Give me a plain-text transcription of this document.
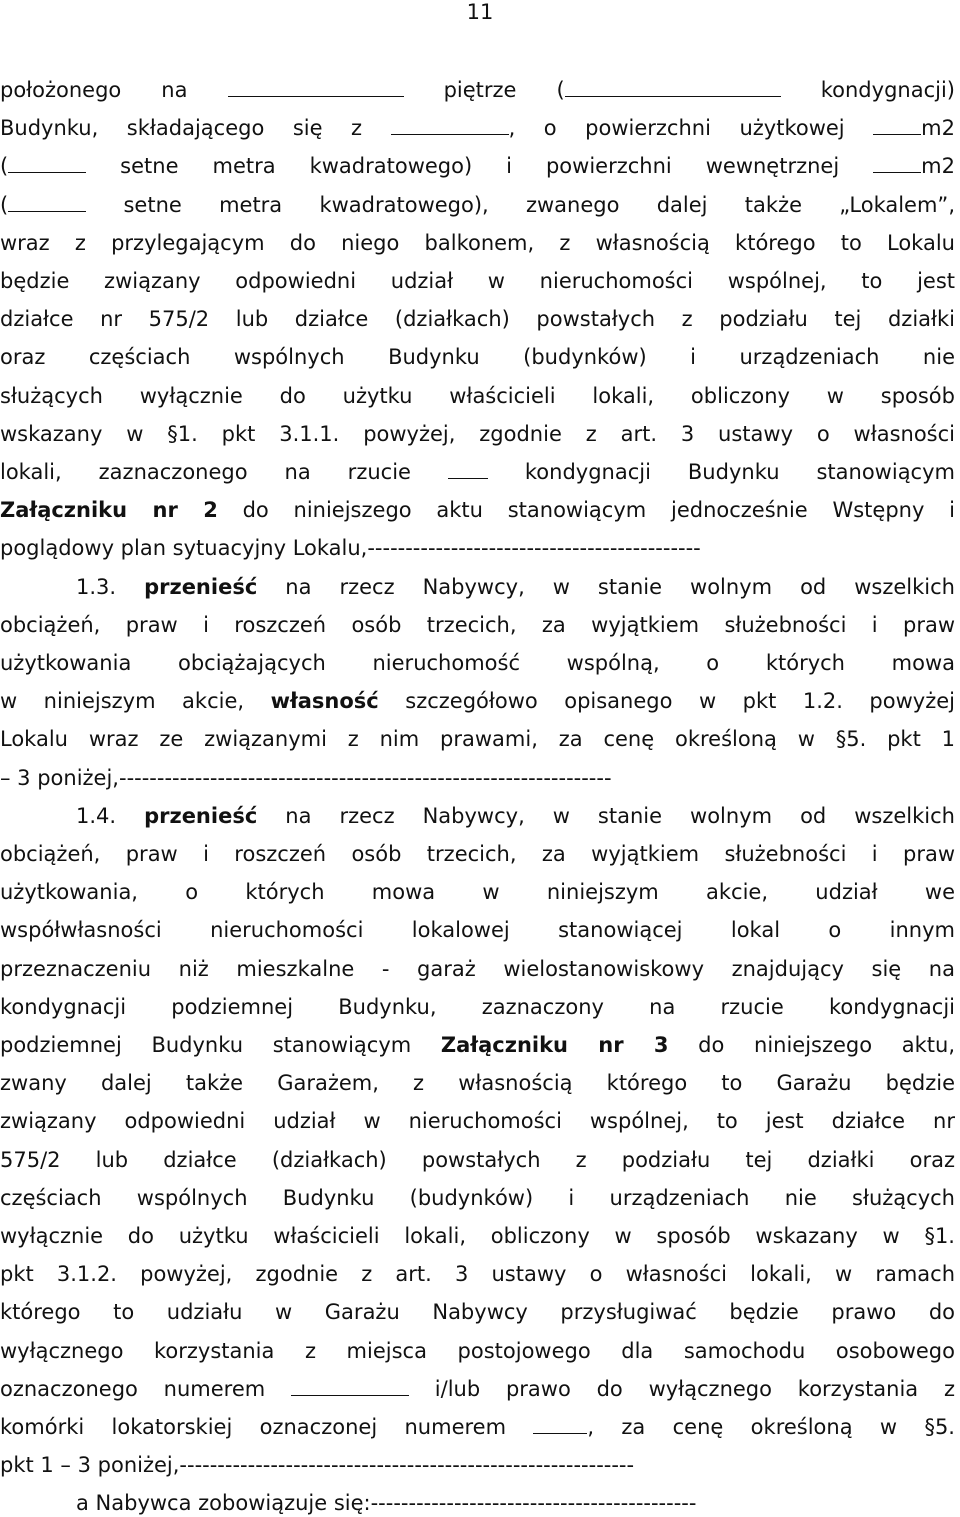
11
położonego na	piętrze (	kondygnacji)
Budynku, składającego się z	, o powierzchni użytkowej m2
(	setne metra kwadratowego) i powierzchni wewnętrznej m2
(	setne metra kwadratowego), zwanego dalej także „Lokalem”,
wraz z przylegającym do niego balkonem, z własnością którego to Lokalu
będzie związany odpowiedni udział w nieruchomości wspólnej, to jest
działce nr 575/2 lub działce (działkach) powstałych z podziału tej działki
oraz częściach wspólnych Budynku (budynków) i urządzeniach nie
służących wyłącznie do użytku właścicieli lokali, obliczony w sposób
wskazany w §1. pkt 3.1.1. powyżej, zgodnie z art. 3 ustawy o własności
lokali, zaznaczonego na rzucie  kondygnacji Budynku stanowiącym
Załączniku nr 2 do niniejszego aktu stanowiącym jednocześnie Wstępny i
poglądowy plan sytuacyjny Lokalu,--------------------------------------------
1.3. przenieść na rzecz Nabywcy, w stanie wolnym od wszelkich
obciążeń, praw i roszczeń osób trzecich, za wyjątkiem służebności i praw
użytkowania obciążających nieruchomość wspólną, o których mowa
w niniejszym akcie, własność szczegółowo opisanego w pkt 1.2. powyżej
Lokalu wraz ze związanymi z nim prawami, za cenę określoną w §5. pkt 1
– 3 poniżej,-----------------------------------------------------------------
1.4. przenieść na rzecz Nabywcy, w stanie wolnym od wszelkich
obciążeń, praw i roszczeń osób trzecich, za wyjątkiem służebności i praw
użytkowania, o których mowa w niniejszym akcie, udział we
współwłasności nieruchomości lokalowej stanowiącej lokal o innym
przeznaczeniu niż mieszkalne - garaż wielostanowiskowy znajdujący się na
kondygnacji podziemnej Budynku, zaznaczony na rzucie kondygnacji
podziemnej Budynku stanowiącym Załączniku nr 3 do niniejszego aktu,
zwany dalej także Garażem, z własnością którego to Garażu będzie
związany odpowiedni udział w nieruchomości wspólnej, to jest działce nr
575/2 lub działce (działkach) powstałych z podziału tej działki oraz
częściach wspólnych Budynku (budynków) i urządzeniach nie służących
wyłącznie do użytku właścicieli lokali, obliczony w sposób wskazany w §1.
pkt 3.1.2. powyżej, zgodnie z art. 3 ustawy o własności lokali, w ramach
którego to udziału w Garażu Nabywcy przysługiwać będzie prawo do
wyłącznego korzystania z miejsca postojowego dla samochodu osobowego
oznaczonego numerem	i/lub prawo do wyłącznego korzystania z
komórki lokatorskiej oznaczonej numerem	, za cenę określoną w §5.
pkt 1 – 3 poniżej,------------------------------------------------------------
a Nabywca zobowiązuje się:-------------------------------------------
